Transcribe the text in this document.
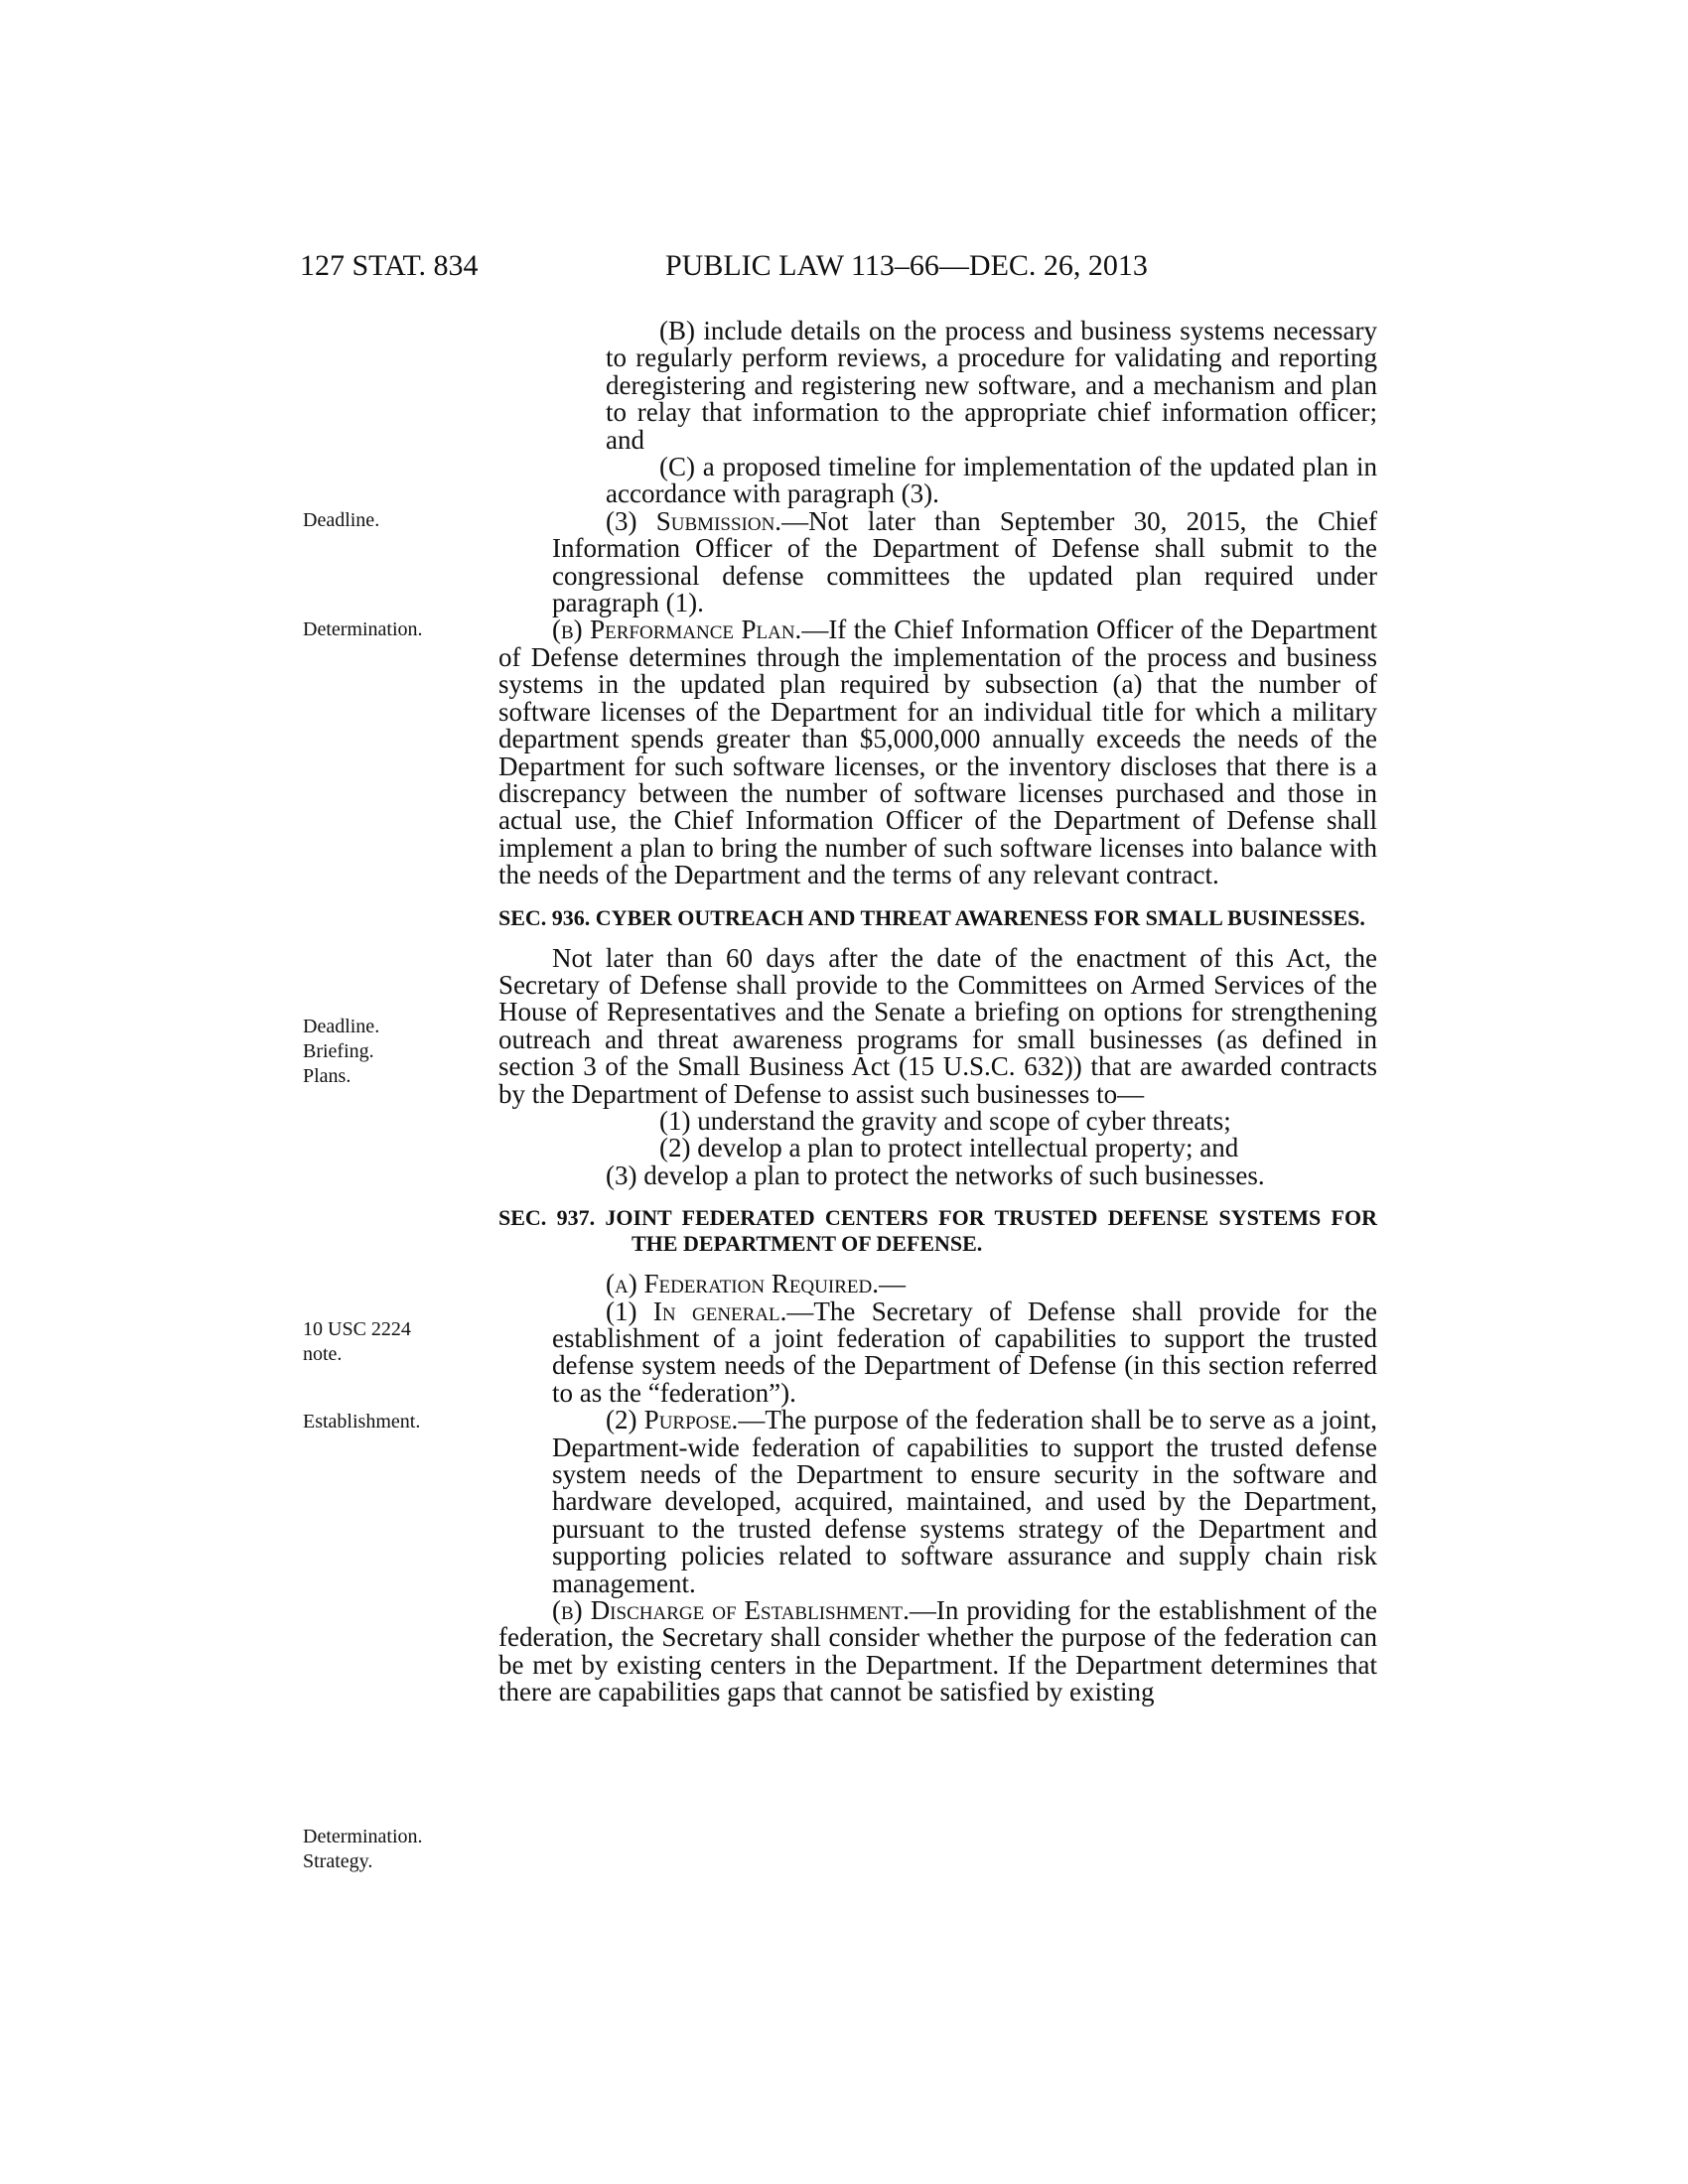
127 STAT. 834	PUBLIC LAW 113–66—DEC. 26, 2013
Deadline.
Determination.
Deadline.
Briefing.
Plans.
10 USC 2224
note.
Establishment.
Determination.
Strategy.

(B) include details on the process and business systems necessary to regularly perform reviews, a procedure for validating and reporting deregistering and registering new software, and a mechanism and plan to relay that information to the appropriate chief information officer; and

(C) a proposed timeline for implementation of the updated plan in accordance with paragraph (3).

(3) Submission.—Not later than September 30, 2015, the Chief Information Officer of the Department of Defense shall submit to the congressional defense committees the updated plan required under paragraph (1).

(b) Performance Plan.—If the Chief Information Officer of the Department of Defense determines through the implementation of the process and business systems in the updated plan required by subsection (a) that the number of software licenses of the Department for an individual title for which a military department spends greater than $5,000,000 annually exceeds the needs of the Department for such software licenses, or the inventory discloses that there is a discrepancy between the number of software licenses purchased and those in actual use, the Chief Information Officer of the Department of Defense shall implement a plan to bring the number of such software licenses into balance with the needs of the Department and the terms of any relevant contract.

SEC. 936. CYBER OUTREACH AND THREAT AWARENESS FOR SMALL BUSINESSES.

Not later than 60 days after the date of the enactment of this Act, the Secretary of Defense shall provide to the Committees on Armed Services of the House of Representatives and the Senate a briefing on options for strengthening outreach and threat awareness programs for small businesses (as defined in section 3 of the Small Business Act (15 U.S.C. 632)) that are awarded contracts by the Department of Defense to assist such businesses to—

(1) understand the gravity and scope of cyber threats;

(2) develop a plan to protect intellectual property; and

(3) develop a plan to protect the networks of such businesses.

SEC. 937. JOINT FEDERATED CENTERS FOR TRUSTED DEFENSE SYSTEMS FOR THE DEPARTMENT OF DEFENSE.

(a) Federation Required.—

(1) In general.—The Secretary of Defense shall provide for the establishment of a joint federation of capabilities to support the trusted defense system needs of the Department of Defense (in this section referred to as the “federation”).

(2) Purpose.—The purpose of the federation shall be to serve as a joint, Department-wide federation of capabilities to support the trusted defense system needs of the Department to ensure security in the software and hardware developed, acquired, maintained, and used by the Department, pursuant to the trusted defense systems strategy of the Department and supporting policies related to software assurance and supply chain risk management.

(b) Discharge of Establishment.—In providing for the establishment of the federation, the Secretary shall consider whether the purpose of the federation can be met by existing centers in the Department. If the Department determines that there are capabilities gaps that cannot be satisfied by existing
